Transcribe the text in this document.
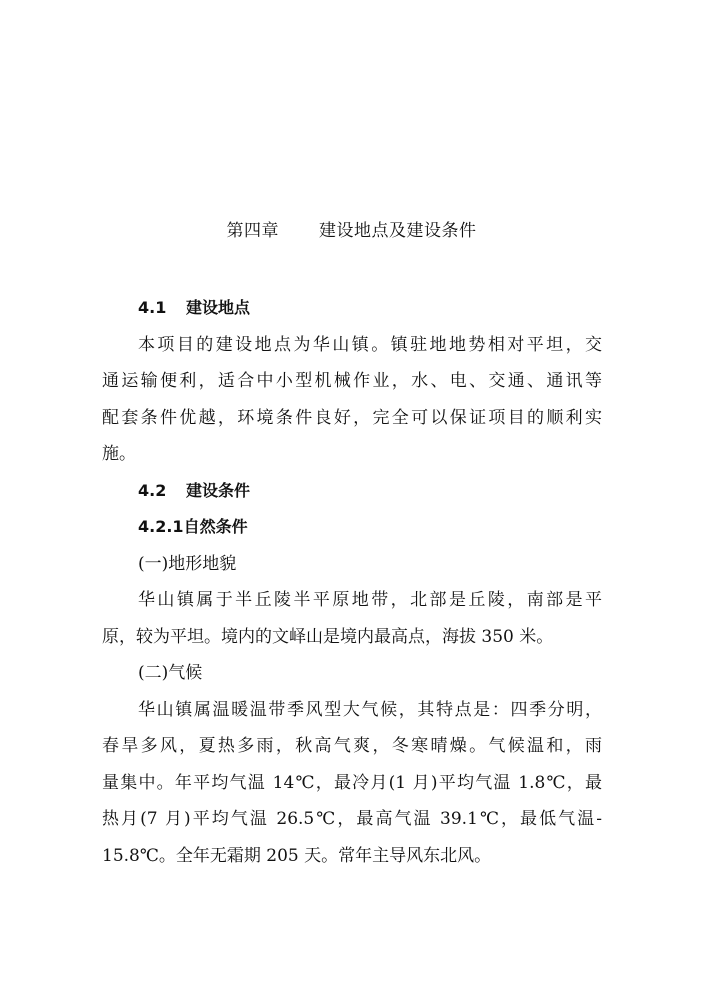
第四章 建设地点及建设条件
4.1 建设地点
本项目的建设地点为华山镇。镇驻地地势相对平坦，交
通运输便利，适合中小型机械作业，水、电、交通、通讯等
配套条件优越，环境条件良好，完全可以保证项目的顺利实
施。
4.2 建设条件
4.2.1自然条件
(一)地形地貌
华山镇属于半丘陵半平原地带，北部是丘陵，南部是平
原，较为平坦。境内的文峄山是境内最高点，海拔 350 米。
(二)气候
华山镇属温暖温带季风型大气候，其特点是：四季分明，
春旱多风，夏热多雨，秋高气爽，冬寒晴燥。气候温和，雨
量集中。年平均气温 14℃，最冷月(1 月)平均气温 1.8℃，最
热月(7 月)平均气温 26.5℃，最高气温 39.1℃，最低气温-
15.8℃。全年无霜期 205 天。常年主导风东北风。
